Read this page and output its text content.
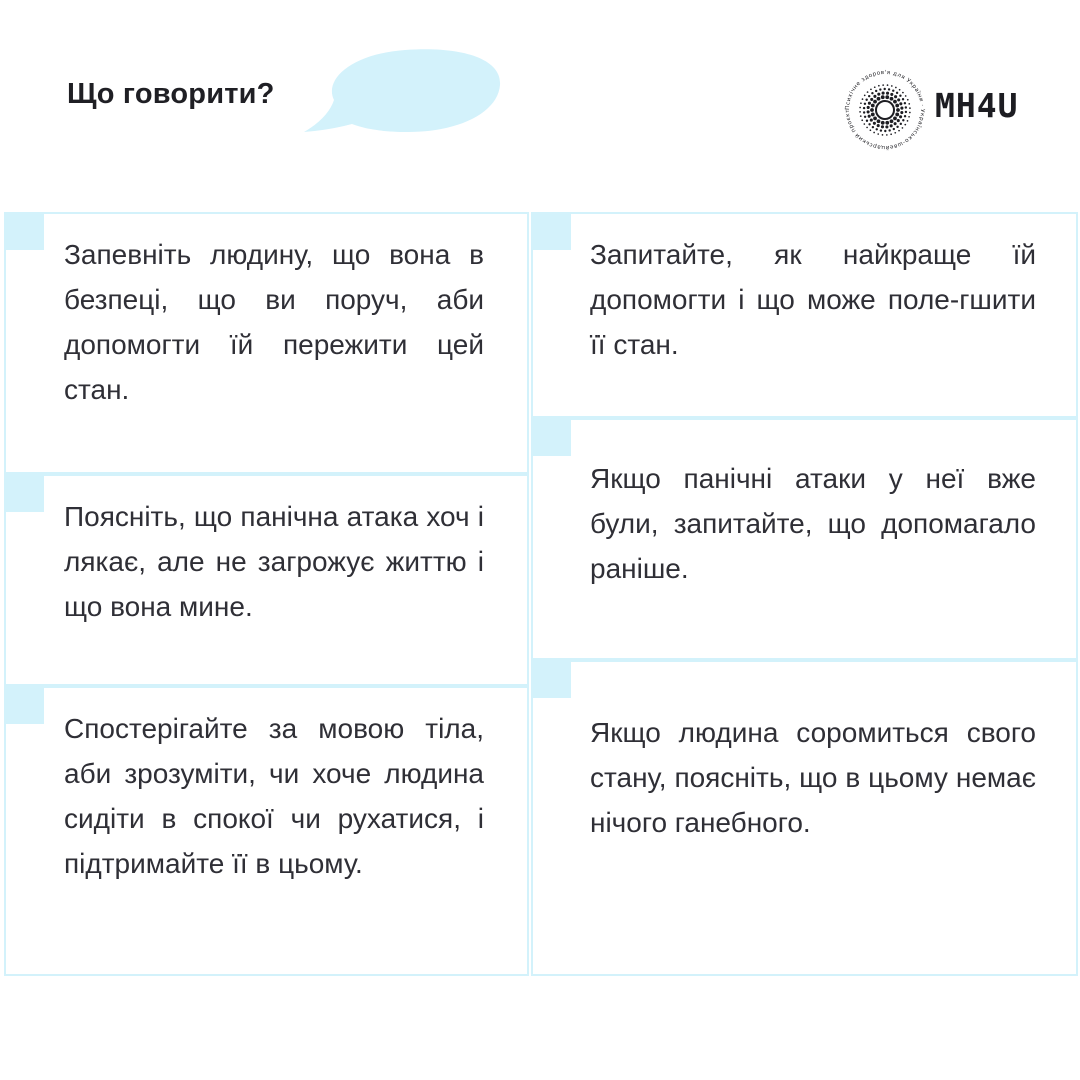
Що говорити?	Психічне здоров'я для України · Українсько-швейцарський проєкт	MH4U

Запевніть людину, що вона в безпеці, що ви поруч, аби допомогти їй пережити цей стан.

Поясніть, що панічна атака хоч і лякає, але не загрожує життю і що вона мине.

Спостерігайте за мовою тіла, аби зрозуміти, чи хоче людина сидіти в спокої чи рухатися, і підтримайте її в цьому.

Запитайте, як найкраще їй допомогти і що може поле-гшити її стан.

Якщо панічні атаки у неї вже були, запитайте, що допомагало раніше.

Якщо людина соромиться свого стану, поясніть, що в цьому немає нічого ганебного.
